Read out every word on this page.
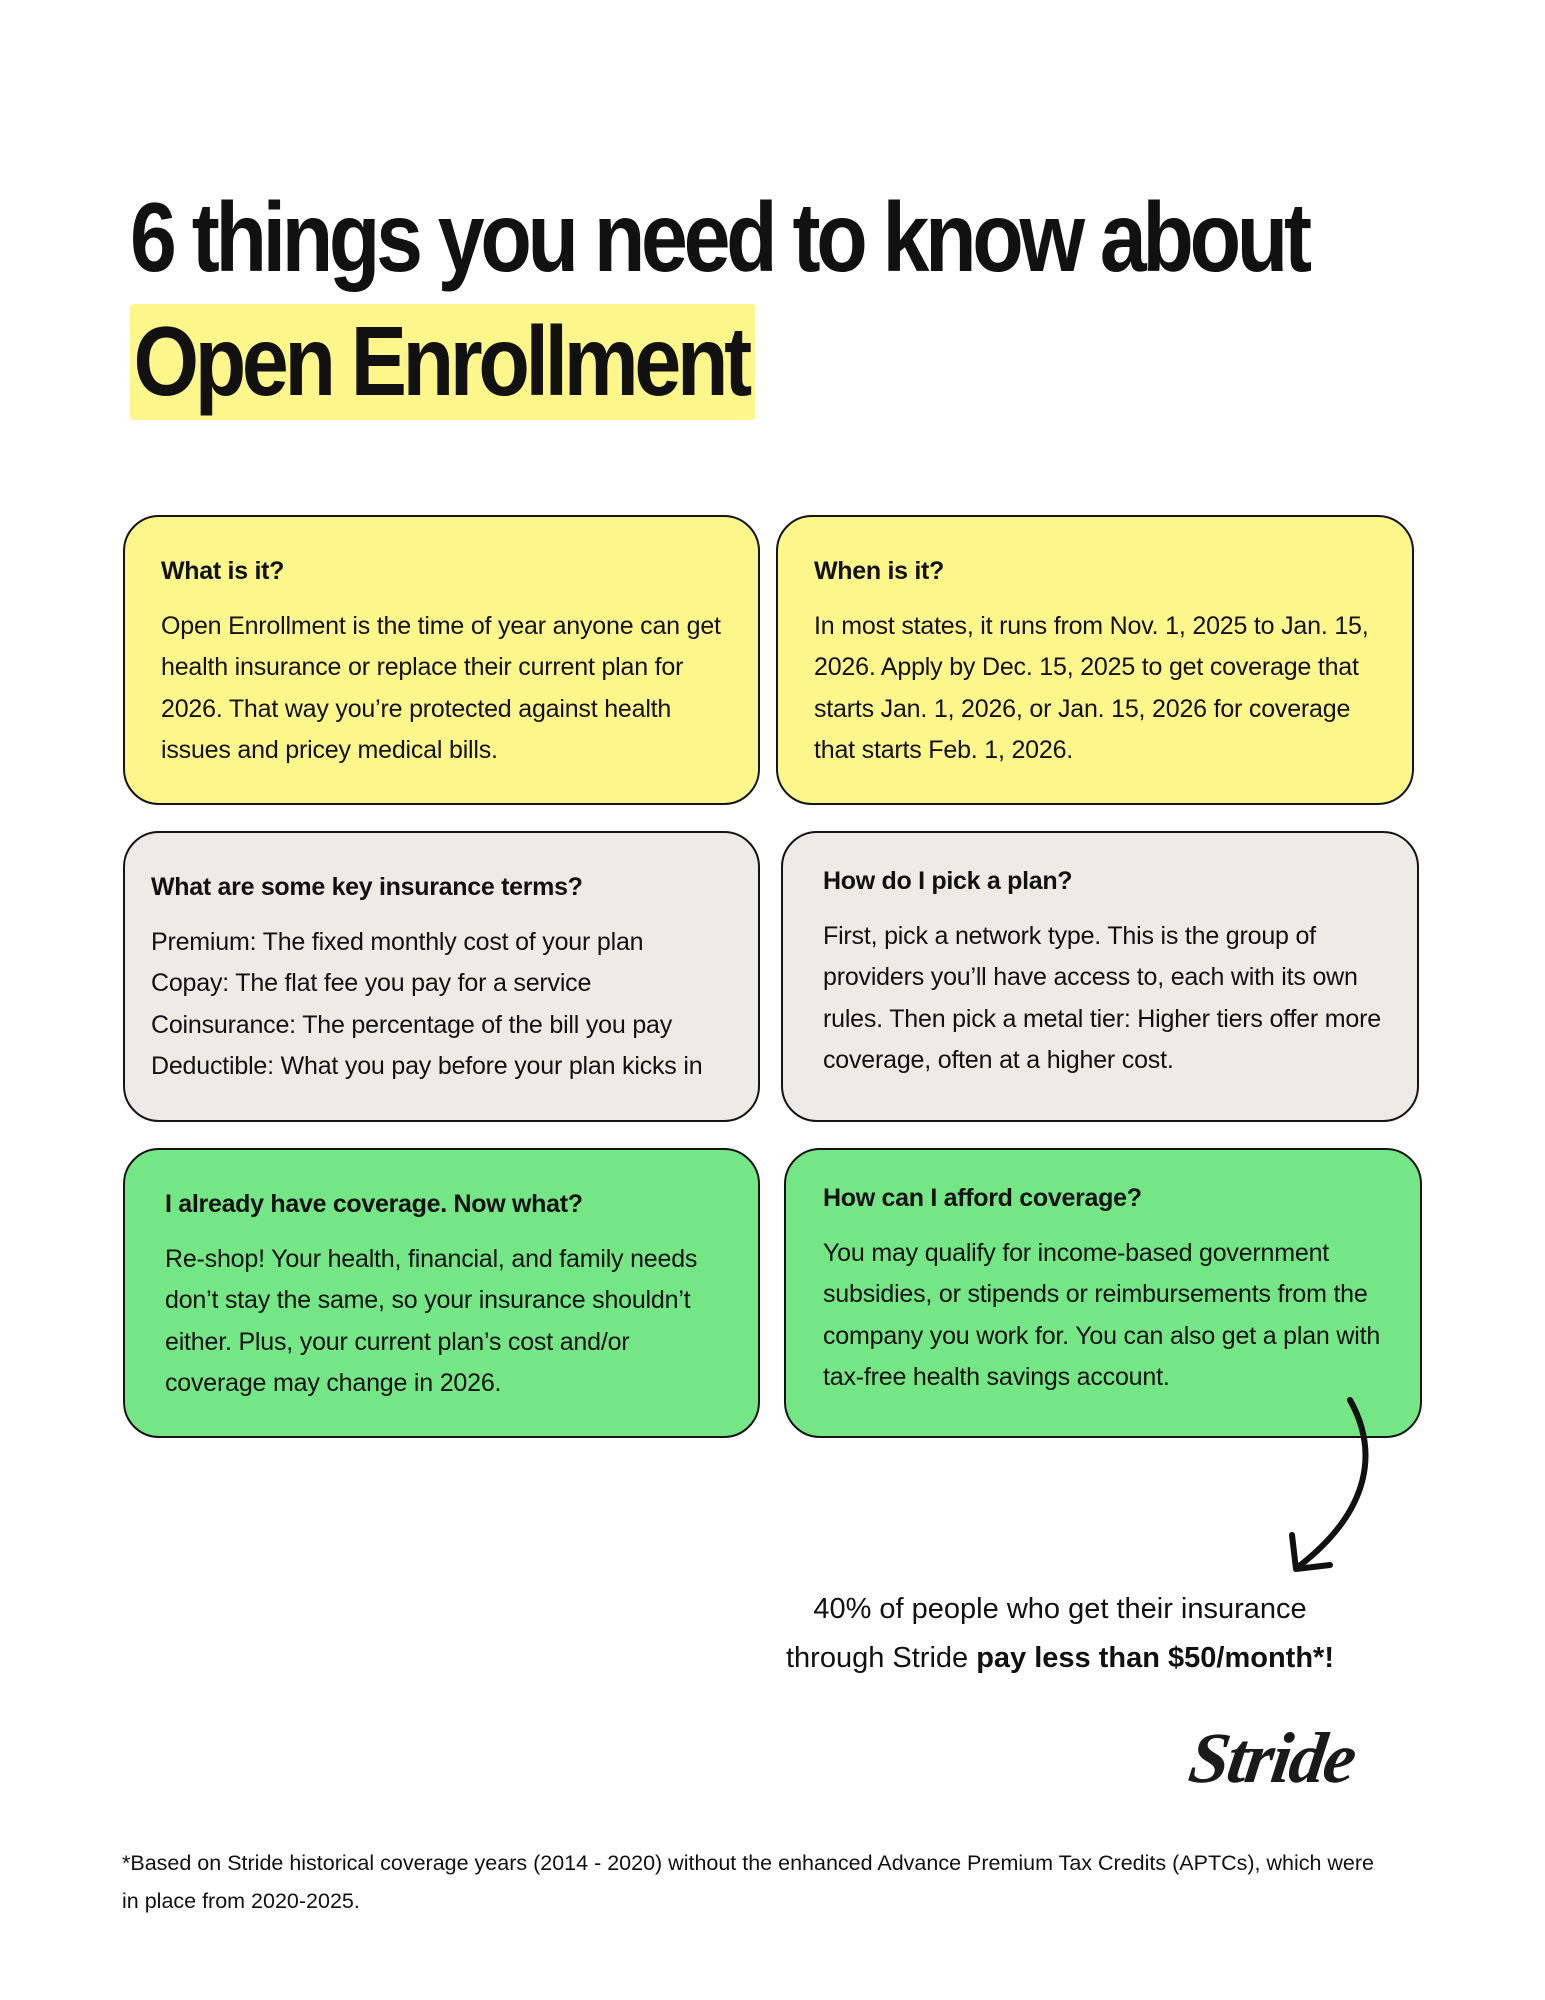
6 things you need to know about
Open Enrollment
What is it?

Open Enrollment is the time of year anyone can get health insurance or replace their current plan for 2026. That way you’re protected against health issues and pricey medical bills.

When is it?

In most states, it runs from Nov. 1, 2025 to Jan. 15, 2026. Apply by Dec. 15, 2025 to get coverage that starts Jan. 1, 2026, or Jan. 15, 2026 for coverage that starts Feb. 1, 2026.

What are some key insurance terms?
Premium: The fixed monthly cost of your plan
Copay: The flat fee you pay for a service
Coinsurance: The percentage of the bill you pay
Deductible: What you pay before your plan kicks in
How do I pick a plan?

First, pick a network type. This is the group of providers you’ll have access to, each with its own rules. Then pick a metal tier: Higher tiers offer more coverage, often at a higher cost.

I already have coverage. Now what?

Re-shop! Your health, financial, and family needs don’t stay the same, so your insurance shouldn’t either. Plus, your current plan’s cost and/or coverage may change in 2026.

How can I afford coverage?

You may qualify for income-based government subsidies, or stipends or reimbursements from the company you work for. You can also get a plan with tax-free health savings account.

40% of people who get their insurance
through Stride pay less than $50/month*!
Stride

*Based on Stride historical coverage years (2014 - 2020) without the enhanced Advance Premium Tax Credits (APTCs), which were in place from 2020-2025.
